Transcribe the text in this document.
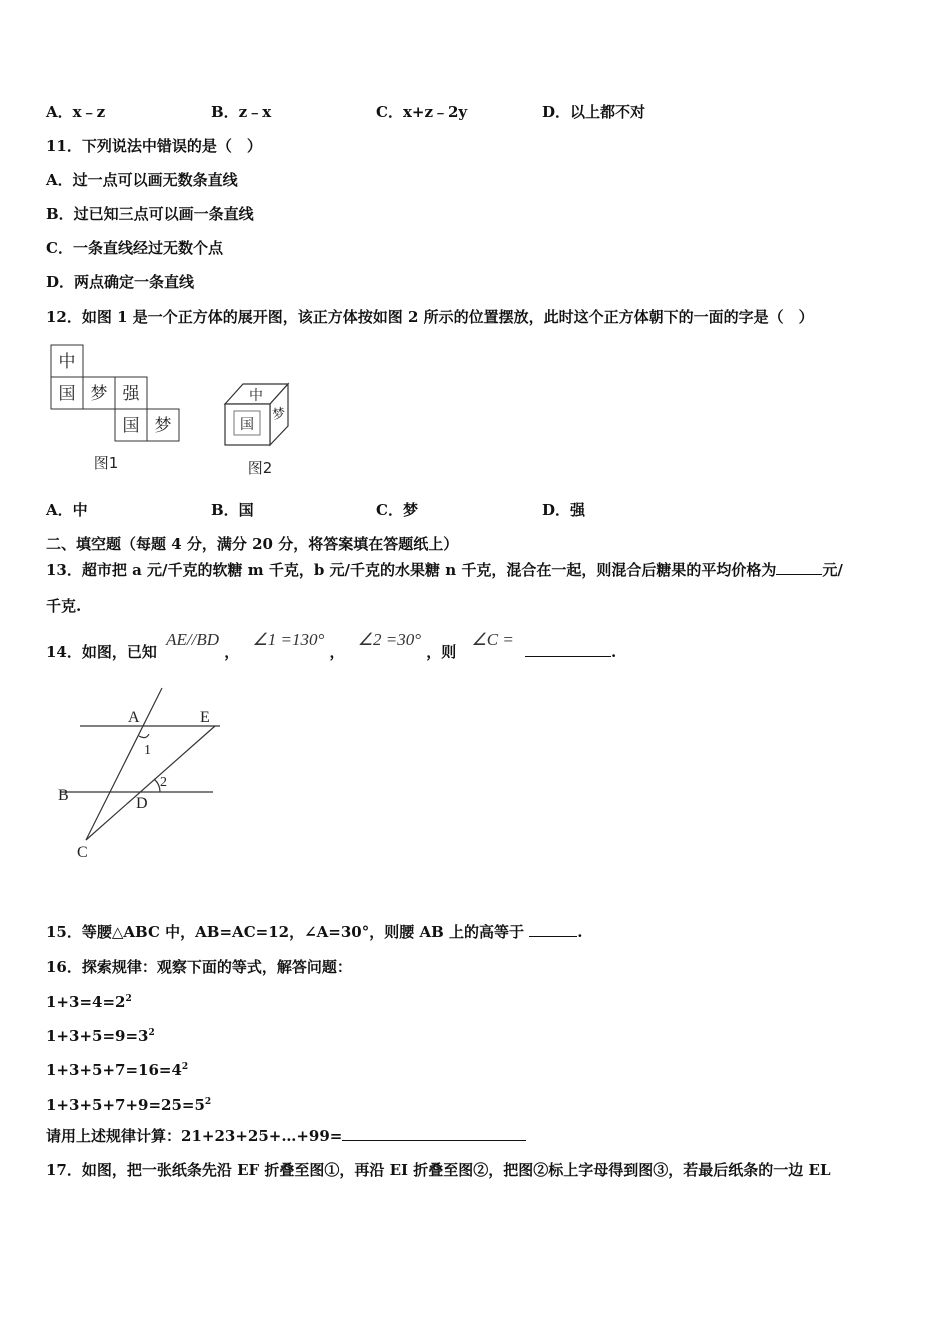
A．x﹣z	B．z﹣x	C．x+z﹣2y	D．以上都不对
11．下列说法中错误的是（　）
A．过一点可以画无数条直线
B．过已知三点可以画一条直线
C．一条直线经过无数个点
D．两点确定一条直线
12．如图 1 是一个正方体的展开图，该正方体按如图 2 所示的位置摆放，此时这个正方体朝下的一面的字是（　）
中
国 梦 强
国 梦
图1
中
国
梦
图2
A．中	B．国	C．梦	D．强
二、填空题（每题 4 分，满分 20 分，将答案填在答题纸上）
13．超市把 a 元/千克的软糖 m 千克，b 元/千克的水果糖 n 千克，混合在一起，则混合后糖果的平均价格为	元/
千克.
14．如图，已知 AE//BD ， ∠1 =130° ， ∠2 =30° ，则 ∠C = .
A	E
B	D
C
1
2
15．等腰△ABC 中，AB=AC=12，∠A=30°，则腰 AB 上的高等于	.
16．探索规律：观察下面的等式，解答问题：
$1+3=4=2^2$
$1+3+5=9=3^2$
$1+3+5+7=16=4^2$
$1+3+5+7+9=25=5^2$
请用上述规律计算：21+23+25+…+99=
17．如图，把一张纸条先沿 EF 折叠至图①，再沿 EI 折叠至图②，把图②标上字母得到图③，若最后纸条的一边 EL
